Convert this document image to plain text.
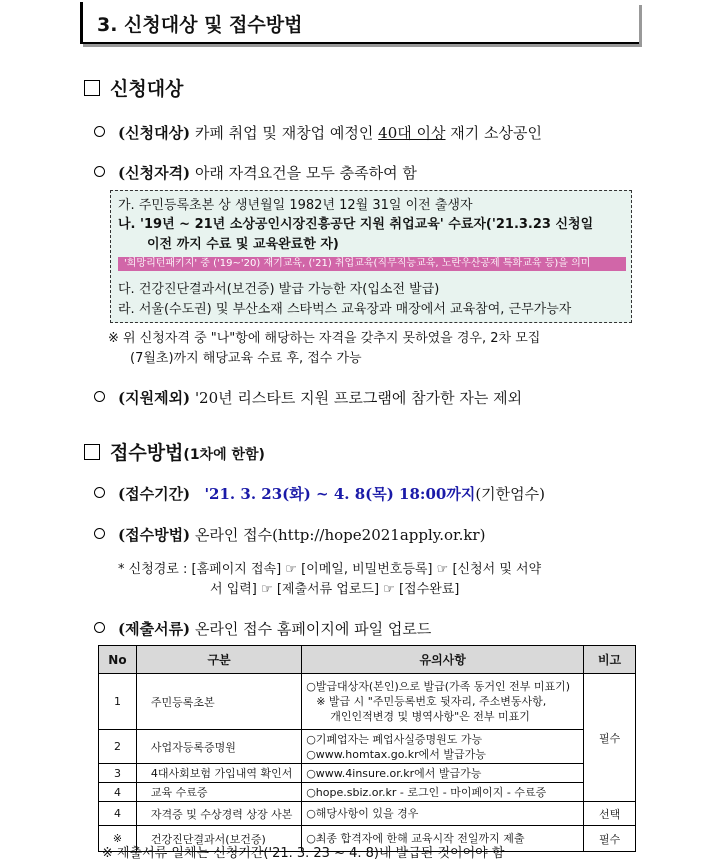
3. 신청대상 및 접수방법
신청대상
(신청대상) 카페 취업 및 재창업 예정인 40대 이상 재기 소상공인
(신청자격) 아래 자격요건을 모두 충족하여 함
가. 주민등록초본 상 생년월일 1982년 12월 31일 이전 출생자
나. '19년 ~ 21년 소상공인시장진흥공단 지원 취업교육' 수료자('21.3.23 신청일
이전 까지 수료 및 교육완료한 자)
'희망리턴패키지' 중 ('19~'20) 재기교육, ('21) 취업교육(직무직능교육, 노란우산공제 특화교육 등)을 의미
다. 건강진단결과서(보건증) 발급 가능한 자(입소전 발급)
라. 서울(수도권) 및 부산소재 스타벅스 교육장과 매장에서 교육참여, 근무가능자
※ 위 신청자격 중 "나"항에 해당하는 자격을 갖추지 못하였을 경우, 2차 모집
(7월초)까지 해당교육 수료 후, 접수 가능
(지원제외) '20년 리스타트 지원 프로그램에 참가한 자는 제외
접수방법(1차에 한함)
(접수기간) '21. 3. 23(화) ~ 4. 8(목) 18:00까지(기한엄수)
(접수방법) 온라인 접수(http://hope2021apply.or.kr)
* 신청경로 : [홈페이지 접속] ☞ [이메일, 비밀번호등록] ☞ [신청서 및 서약
서 입력] ☞ [제출서류 업로드] ☞ [접수완료]
(제출서류) 온라인 접수 홈페이지에 파일 업로드
No	구분	유의사항	비고
1	주민등록초본	○발급대상자(본인)으로 발급(가족 동거인 전부 미표기)
※ 발급 시 "주민등록번호 뒷자리, 주소변동사항,
개인인적변경 및 병역사항"은 전부 미표기	필수
2	사업자등록증명원	○기폐업자는 폐업사실증명원도 가능
○www.homtax.go.kr에서 발급가능	

3	4대사회보험 가입내역 확인서	○www.4insure.or.kr에서 발급가능	

4	교육 수료증	○hope.sbiz.or.kr - 로그인 - 마이페이지 - 수료증	

4	자격증 및 수상경력 상장 사본	○해당사항이 있을 경우	선택
※	건강진단결과서(보건증)	○최종 합격자에 한해 교육시작 전일까지 제출	필수
※ 제출서류 일체는 신청기간('21. 3. 23 ~ 4. 8)내 발급된 것이어야 함
